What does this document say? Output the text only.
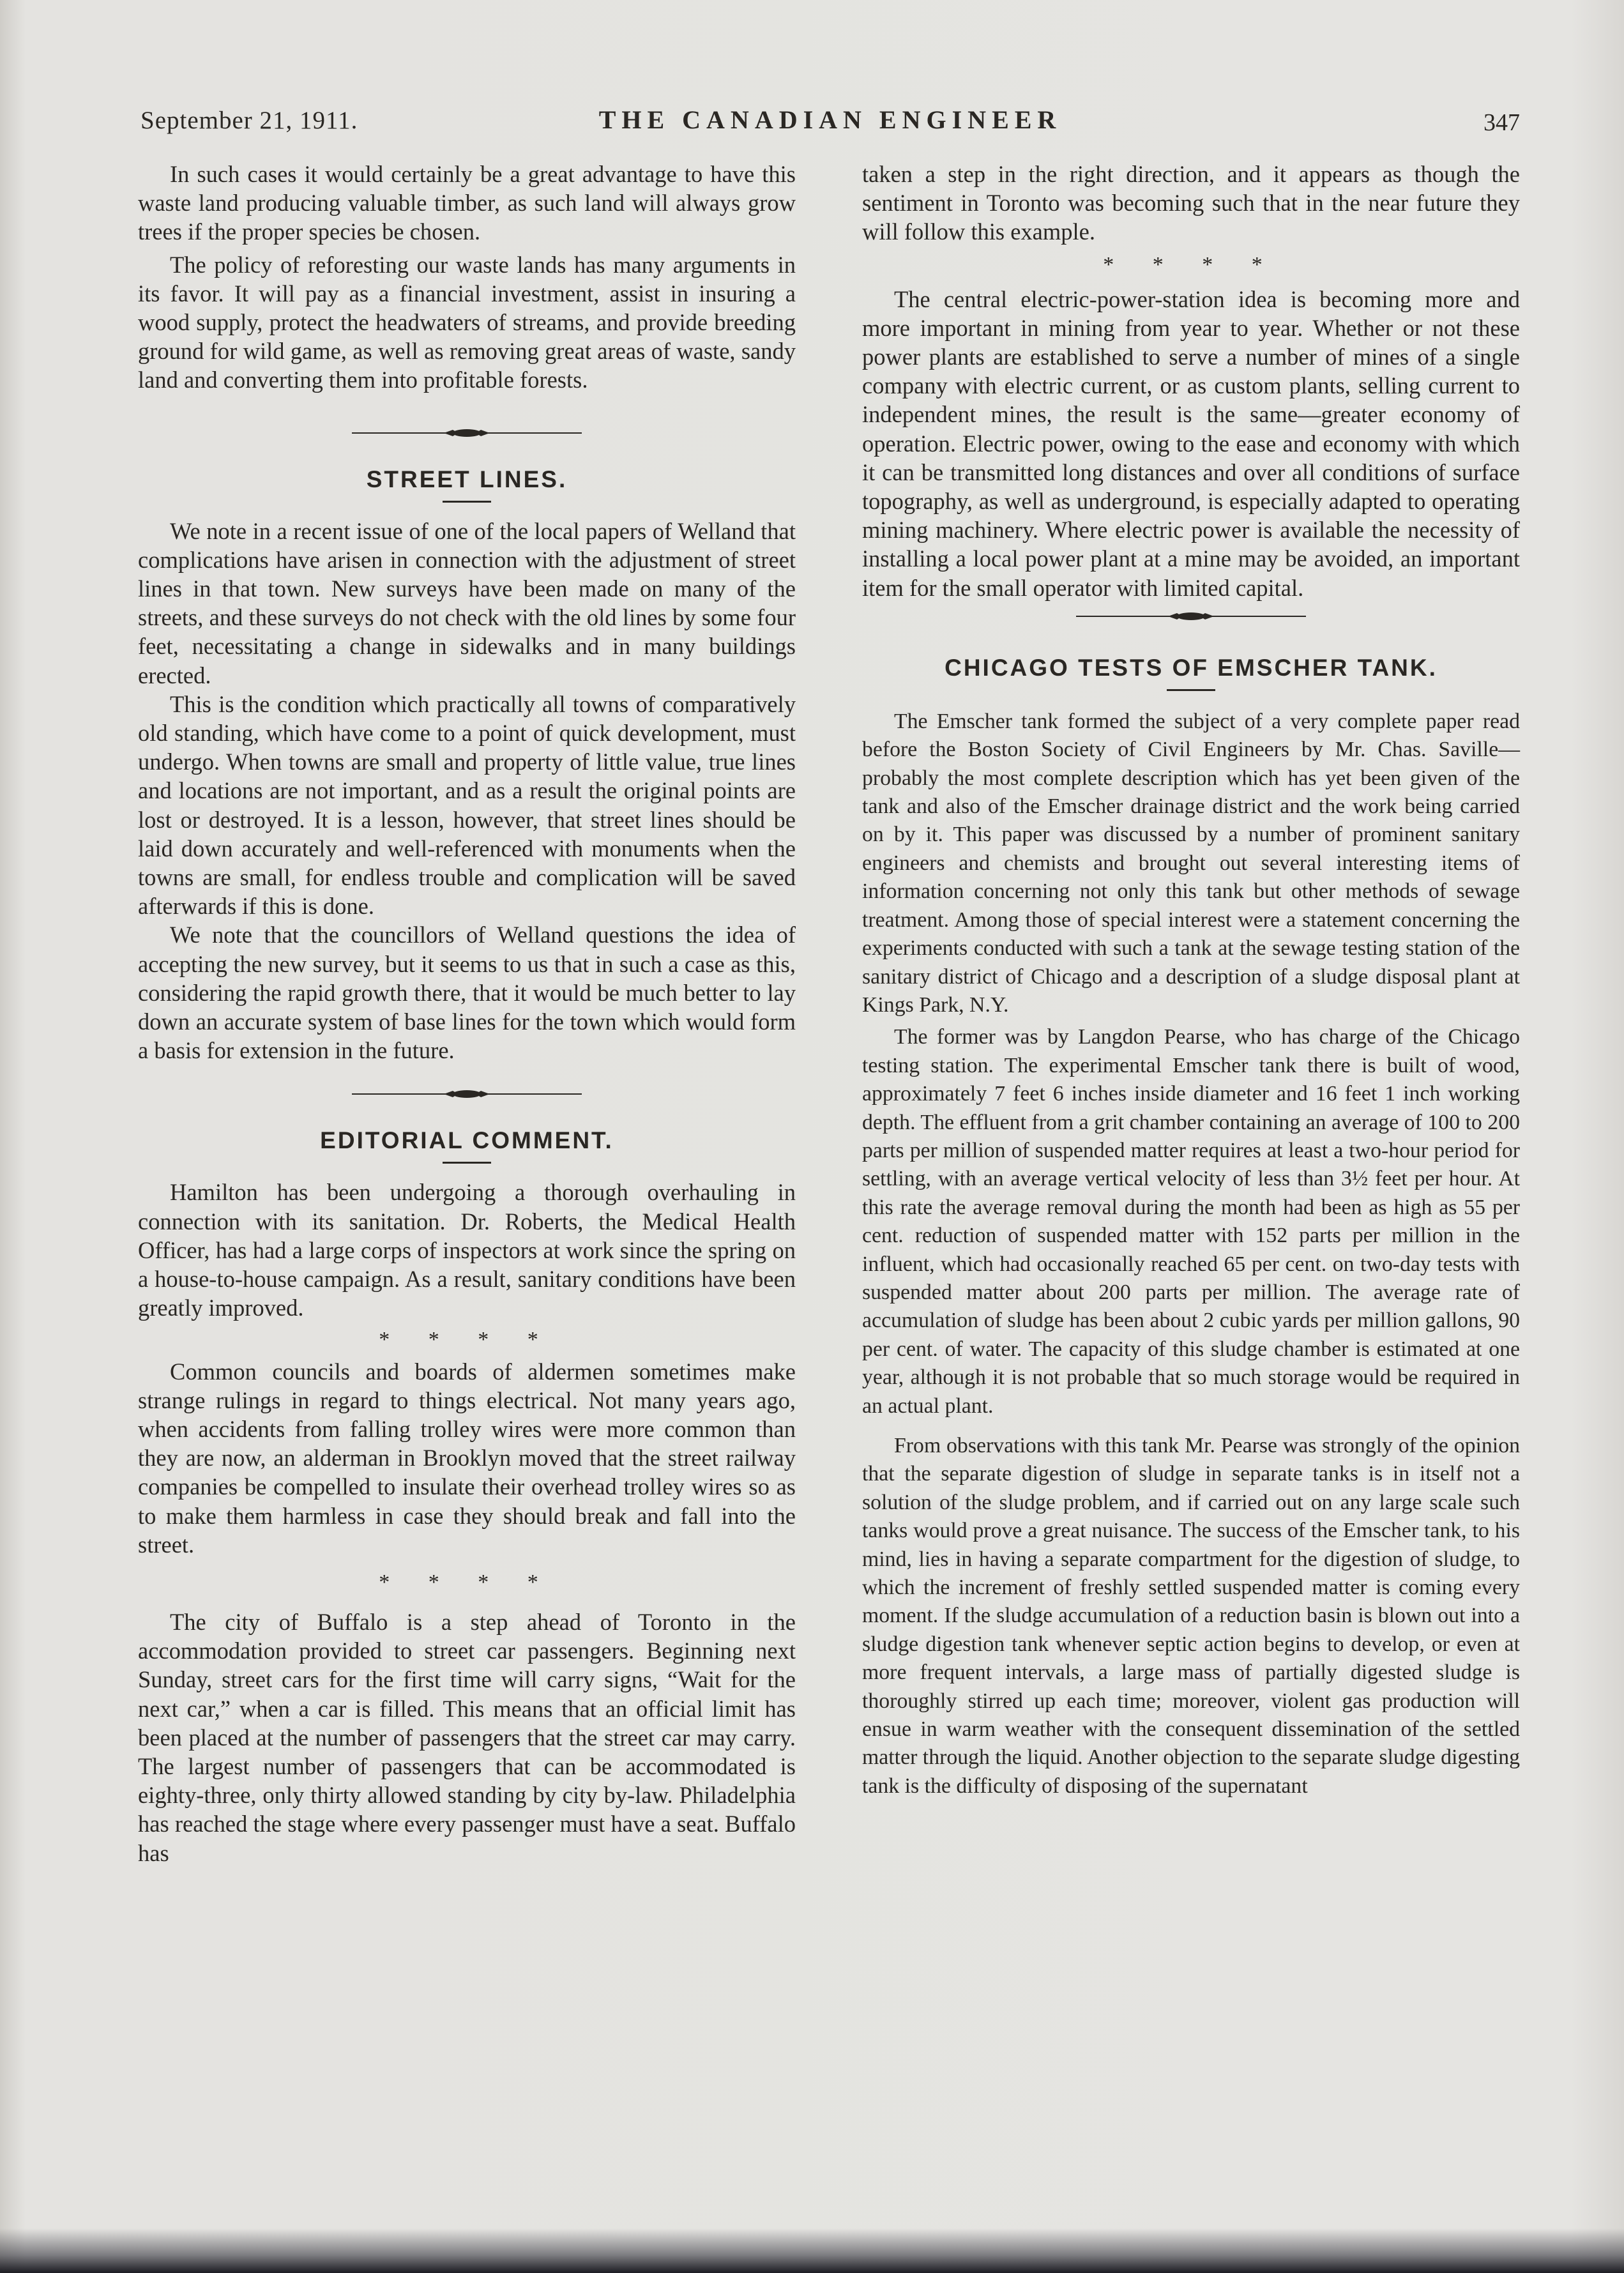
September 21, 1911.	THE CANADIAN ENGINEER	347

In such cases it would certainly be a great advantage to have this waste land producing valuable timber, as such land will always grow trees if the proper species be chosen.

The policy of reforesting our waste lands has many arguments in its favor. It will pay as a financial investment, assist in insuring a wood supply, protect the headwaters of streams, and provide breeding ground for wild game, as well as removing great areas of waste, sandy land and converting them into profitable forests.

STREET LINES.

We note in a recent issue of one of the local papers of Welland that complications have arisen in connection with the adjustment of street lines in that town. New surveys have been made on many of the streets, and these surveys do not check with the old lines by some four feet, necessitating a change in sidewalks and in many buildings erected.

This is the condition which practically all towns of comparatively old standing, which have come to a point of quick development, must undergo. When towns are small and property of little value, true lines and locations are not important, and as a result the original points are lost or destroyed. It is a lesson, however, that street lines should be laid down accurately and well-referenced with monuments when the towns are small, for endless trouble and complication will be saved afterwards if this is done.

We note that the councillors of Welland questions the idea of accepting the new survey, but it seems to us that in such a case as this, considering the rapid growth there, that it would be much better to lay down an accurate system of base lines for the town which would form a basis for extension in the future.

EDITORIAL COMMENT.

Hamilton has been undergoing a thorough overhauling in connection with its sanitation. Dr. Roberts, the Medical Health Officer, has had a large corps of inspectors at work since the spring on a house-to-house campaign. As a result, sanitary conditions have been greatly improved.

* * * *

Common councils and boards of aldermen sometimes make strange rulings in regard to things electrical. Not many years ago, when accidents from falling trolley wires were more common than they are now, an alderman in Brooklyn moved that the street railway companies be compelled to insulate their overhead trolley wires so as to make them harmless in case they should break and fall into the street.

* * * *

The city of Buffalo is a step ahead of Toronto in the accommodation provided to street car passengers. Beginning next Sunday, street cars for the first time will carry signs, “Wait for the next car,” when a car is filled. This means that an official limit has been placed at the number of passengers that the street car may carry. The largest number of passengers that can be accommodated is eighty-three, only thirty allowed standing by city by-law. Philadelphia has reached the stage where every passenger must have a seat. Buffalo has

taken a step in the right direction, and it appears as though the sentiment in Toronto was becoming such that in the near future they will follow this example.

* * * *

The central electric-power-station idea is becoming more and more important in mining from year to year. Whether or not these power plants are established to serve a number of mines of a single company with electric current, or as custom plants, selling current to independent mines, the result is the same—greater economy of operation. Electric power, owing to the ease and economy with which it can be transmitted long distances and over all conditions of surface topography, as well as underground, is especially adapted to operating mining machinery. Where electric power is available the necessity of installing a local power plant at a mine may be avoided, an important item for the small operator with limited capital.

CHICAGO TESTS OF EMSCHER TANK.

The Emscher tank formed the subject of a very complete paper read before the Boston Society of Civil Engineers by Mr. Chas. Saville—probably the most complete description which has yet been given of the tank and also of the Emscher drainage district and the work being carried on by it. This paper was discussed by a number of prominent sanitary engineers and chemists and brought out several interesting items of information concerning not only this tank but other methods of sewage treatment. Among those of special interest were a statement concerning the experiments conducted with such a tank at the sewage testing station of the sanitary district of Chicago and a description of a sludge disposal plant at Kings Park, N.Y.

The former was by Langdon Pearse, who has charge of the Chicago testing station. The experimental Emscher tank there is built of wood, approximately 7 feet 6 inches inside diameter and 16 feet 1 inch working depth. The effluent from a grit chamber containing an average of 100 to 200 parts per million of suspended matter requires at least a two-hour period for settling, with an average vertical velocity of less than 3½ feet per hour. At this rate the average removal during the month had been as high as 55 per cent. reduction of suspended matter with 152 parts per million in the influent, which had occasionally reached 65 per cent. on two-day tests with suspended matter about 200 parts per million. The average rate of accumulation of sludge has been about 2 cubic yards per million gallons, 90 per cent. of water. The capacity of this sludge chamber is estimated at one year, although it is not probable that so much storage would be required in an actual plant.

From observations with this tank Mr. Pearse was strongly of the opinion that the separate digestion of sludge in separate tanks is in itself not a solution of the sludge problem, and if carried out on any large scale such tanks would prove a great nuisance. The success of the Emscher tank, to his mind, lies in having a separate compartment for the digestion of sludge, to which the increment of freshly settled suspended matter is coming every moment. If the sludge accumulation of a reduction basin is blown out into a sludge digestion tank whenever septic action begins to develop, or even at more frequent intervals, a large mass of partially digested sludge is thoroughly stirred up each time; moreover, violent gas production will ensue in warm weather with the consequent dissemination of the settled matter through the liquid. Another objection to the separate sludge digesting tank is the difficulty of disposing of the supernatant
